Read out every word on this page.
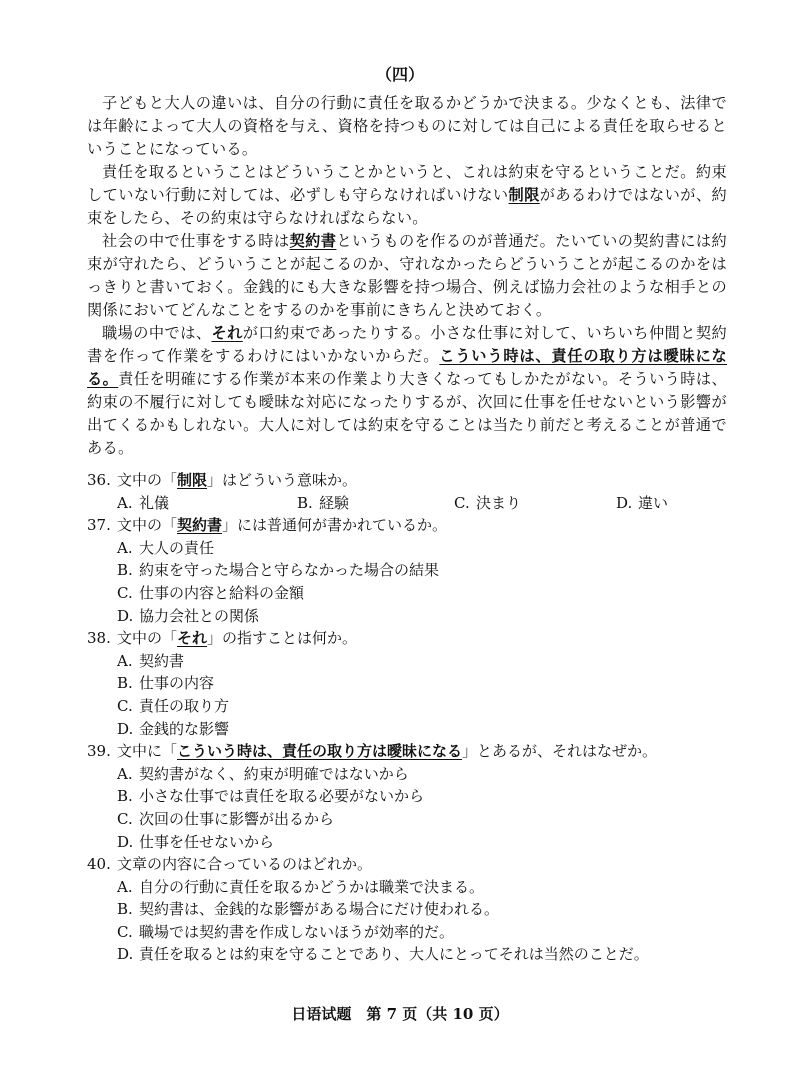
（四）

子どもと大人の違いは、自分の行動に責任を取るかどうかで決まる。少なくとも、法律では年齢によって大人の資格を与え、資格を持つものに対しては自己による責任を取らせるということになっている。

責任を取るということはどういうことかというと、これは約束を守るということだ。約束していない行動に対しては、必ずしも守らなければいけない制限があるわけではないが、約束をしたら、その約束は守らなければならない。

社会の中で仕事をする時は契約書というものを作るのが普通だ。たいていの契約書には約束が守れたら、どういうことが起こるのか、守れなかったらどういうことが起こるのかをはっきりと書いておく。金銭的にも大きな影響を持つ場合、例えば協力会社のような相手との関係においてどんなことをするのかを事前にきちんと決めておく。

職場の中では、それが口約束であったりする。小さな仕事に対して、いちいち仲間と契約書を作って作業をするわけにはいかないからだ。こういう時は、責任の取り方は曖昧になる。責任を明確にする作業が本来の作業より大きくなってもしかたがない。そういう時は、約束の不履行に対しても曖昧な対応になったりするが、次回に仕事を任せないという影響が出てくるかもしれない。大人に対しては約束を守ることは当たり前だと考えることが普通である。

36. 文中の「制限」はどういう意味か。
A. 礼儀	B. 経験	C. 決まり	D. 違い
37. 文中の「契約書」には普通何が書かれているか。
A. 大人の責任
B. 約束を守った場合と守らなかった場合の結果
C. 仕事の内容と給料の金額
D. 協力会社との関係
38. 文中の「それ」の指すことは何か。
A. 契約書
B. 仕事の内容
C. 責任の取り方
D. 金銭的な影響
39. 文中に「こういう時は、責任の取り方は曖昧になる」とあるが、それはなぜか。
A. 契約書がなく、約束が明確ではないから
B. 小さな仕事では責任を取る必要がないから
C. 次回の仕事に影響が出るから
D. 仕事を任せないから
40. 文章の内容に合っているのはどれか。
A. 自分の行動に責任を取るかどうかは職業で決まる。
B. 契約書は、金銭的な影響がある場合にだけ使われる。
C. 職場では契約書を作成しないほうが効率的だ。
D. 責任を取るとは約束を守ることであり、大人にとってそれは当然のことだ。
日语试题　第 7 页（共 10 页）
